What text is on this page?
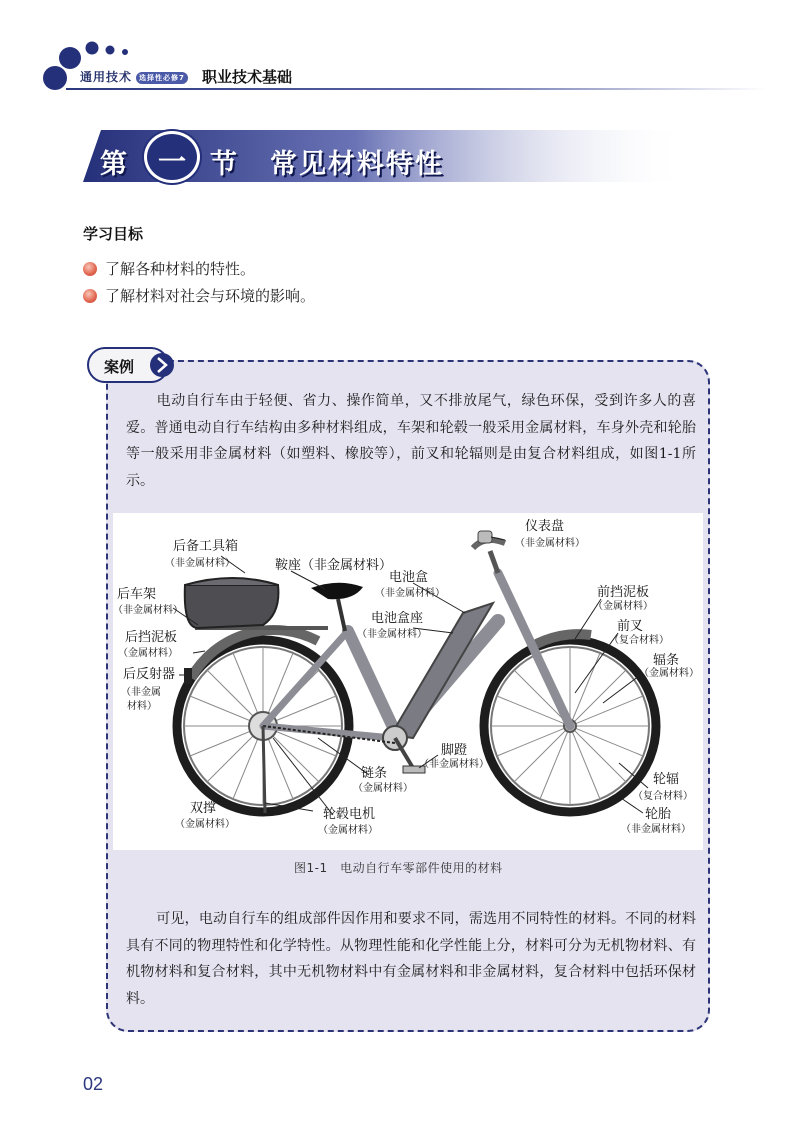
通用技术 选择性必修7 职业技术基础
第	一 节 常见材料特性
学习目标
了解各种材料的特性。
了解材料对社会与环境的影响。
案例
电动自行车由于轻便、省力、操作简单，又不排放尾气，绿色环保，受到许多人的喜爱。普通电动自行车结构由多种材料组成，车架和轮毂一般采用金属材料，车身外壳和轮胎等一般采用非金属材料（如塑料、橡胶等），前叉和轮辐则是由复合材料组成，如图1-1所示。
后备工具箱
（非金属材料）	鞍座（非金属材料）
后车架
（非金属材料）
后挡泥板
（金属材料）
后反射器
（非金属
材料）
仪表盘
（非金属材料）
电池盒
（非金属材料）
电池盒座
（非金属材料）
前挡泥板
（金属材料）
前叉
（复合材料）
辐条
（金属材料）
脚蹬
（非金属材料）
链条
（金属材料）
双撑
（金属材料）
轮毂电机
（金属材料）
轮辐
（复合材料）
轮胎
（非金属材料）
图1-1　电动自行车零部件使用的材料
可见，电动自行车的组成部件因作用和要求不同，需选用不同特性的材料。不同的材料具有不同的物理特性和化学特性。从物理性能和化学性能上分，材料可分为无机物材料、有机物材料和复合材料，其中无机物材料中有金属材料和非金属材料，复合材料中包括环保材料。
02
